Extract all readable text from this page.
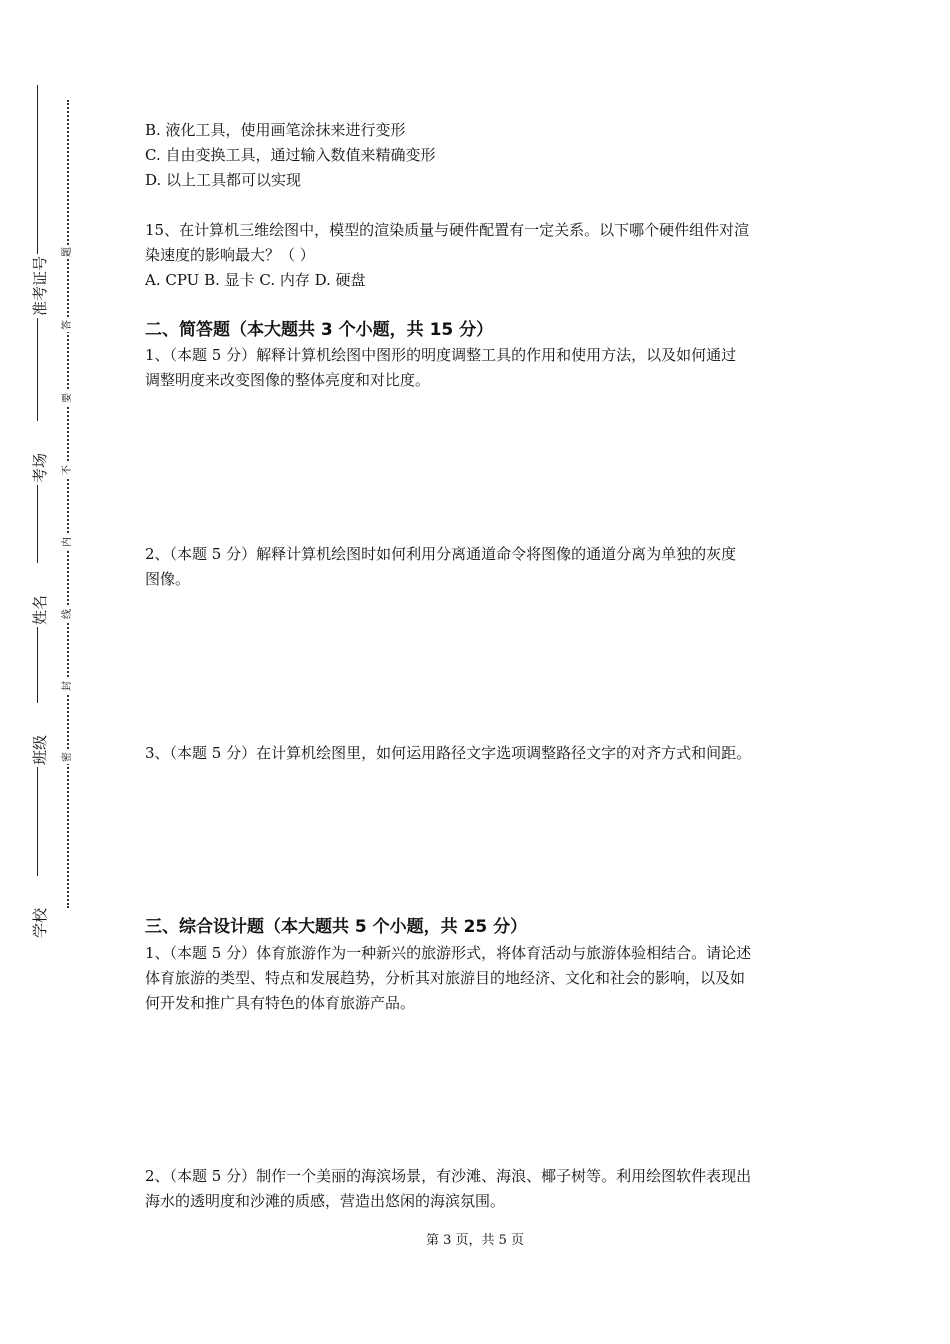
准考证号
考场
姓名
班级
学校
题
答
要
不
内
线
封
密
B. 液化工具，使用画笔涂抹来进行变形
C. 自由变换工具，通过输入数值来精确变形
D. 以上工具都可以实现
15、在计算机三维绘图中，模型的渲染质量与硬件配置有一定关系。以下哪个硬件组件对渲
染速度的影响最大？（ ）
A. CPU B. 显卡 C. 内存 D. 硬盘
二、简答题（本大题共 3 个小题，共 15 分）
1、（本题 5 分）解释计算机绘图中图形的明度调整工具的作用和使用方法，以及如何通过
调整明度来改变图像的整体亮度和对比度。
2、（本题 5 分）解释计算机绘图时如何利用分离通道命令将图像的通道分离为单独的灰度
图像。
3、（本题 5 分）在计算机绘图里，如何运用路径文字选项调整路径文字的对齐方式和间距。
三、综合设计题（本大题共 5 个小题，共 25 分）
1、（本题 5 分）体育旅游作为一种新兴的旅游形式，将体育活动与旅游体验相结合。请论述
体育旅游的类型、特点和发展趋势，分析其对旅游目的地经济、文化和社会的影响，以及如
何开发和推广具有特色的体育旅游产品。
2、（本题 5 分）制作一个美丽的海滨场景，有沙滩、海浪、椰子树等。利用绘图软件表现出
海水的透明度和沙滩的质感，营造出悠闲的海滨氛围。
第 3 页，共 5 页
